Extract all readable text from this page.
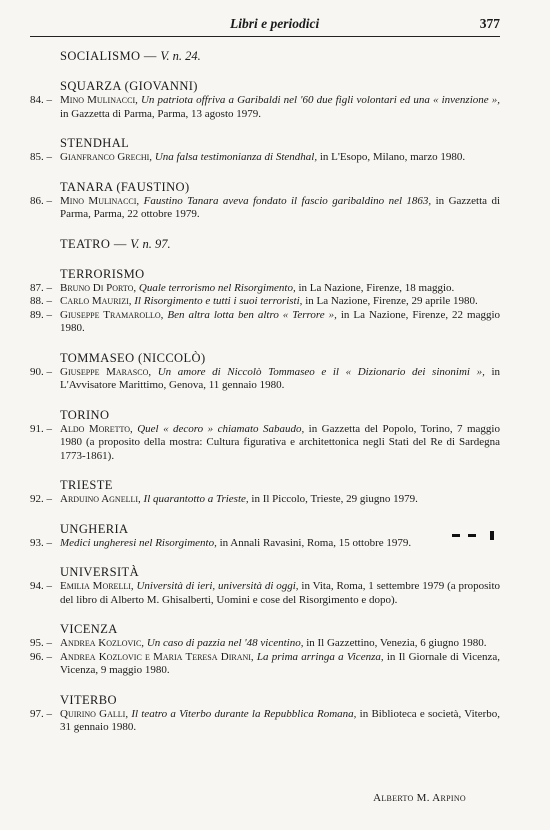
Libri e periodici	377
SOCIALISMO — V. n. 24.
SQUARZA (GIOVANNI)
84. – Mino Mulinacci, Un patriota offriva a Garibaldi nel '60 due figli volontari ed una « invenzione », in Gazzetta di Parma, Parma, 13 agosto 1979.
STENDHAL
85. – Gianfranco Grechi, Una falsa testimonianza di Stendhal, in L'Esopo, Milano, marzo 1980.
TANARA (FAUSTINO)
86. – Mino Mulinacci, Faustino Tanara aveva fondato il fascio garibaldino nel 1863, in Gazzetta di Parma, Parma, 22 ottobre 1979.
TEATRO — V. n. 97.
TERRORISMO
87. – Bruno Di Porto, Quale terrorismo nel Risorgimento, in La Nazione, Firenze, 18 maggio.
88. – Carlo Maurizi, Il Risorgimento e tutti i suoi terroristi, in La Nazione, Firenze, 29 aprile 1980.
89. – Giuseppe Tramarollo, Ben altra lotta ben altro « Terrore », in La Nazione, Firenze, 22 maggio 1980.
TOMMASEO (NICCOLÒ)
90. – Giuseppe Marasco, Un amore di Niccolò Tommaseo e il « Dizionario dei sinonimi », in L'Avvisatore Marittimo, Genova, 11 gennaio 1980.
TORINO
91. – Aldo Moretto, Quel « decoro » chiamato Sabaudo, in Gazzetta del Popolo, Torino, 7 maggio 1980 (a proposito della mostra: Cultura figurativa e architettonica negli Stati del Re di Sardegna 1773-1861).
TRIESTE
92. – Arduino Agnelli, Il quarantotto a Trieste, in Il Piccolo, Trieste, 29 giugno 1979.
UNGHERIA
93. – Medici ungheresi nel Risorgimento, in Annali Ravasini, Roma, 15 ottobre 1979.
UNIVERSITÀ
94. – Emilia Morelli, Università di ieri, università di oggi, in Vita, Roma, 1 settembre 1979 (a proposito del libro di Alberto M. Ghisalberti, Uomini e cose del Risorgimento e dopo).
VICENZA
95. – Andrea Kozlovic, Un caso di pazzia nel '48 vicentino, in Il Gazzettino, Venezia, 6 giugno 1980.
96. – Andrea Kozlovic e Maria Teresa Dirani, La prima arringa a Vicenza, in Il Giornale di Vicenza, Vicenza, 9 maggio 1980.
VITERBO
97. – Quirino Galli, Il teatro a Viterbo durante la Repubblica Romana, in Biblioteca e società, Viterbo, 31 gennaio 1980.
Alberto M. Arpino
